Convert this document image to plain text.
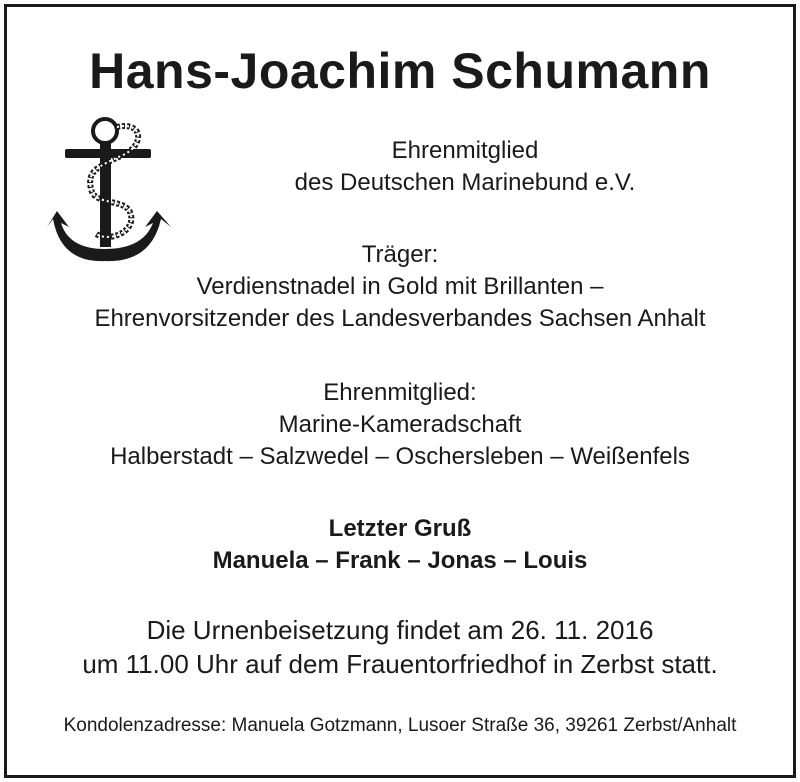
Hans-Joachim Schumann
Ehrenmitglied
des Deutschen Marinebund e.V.
Träger:
Verdienstnadel in Gold mit Brillanten –
Ehrenvorsitzender des Landesverbandes Sachsen Anhalt
Ehrenmitglied:
Marine-Kameradschaft
Halberstadt – Salzwedel – Oschersleben – Weißenfels
Letzter Gruß
Manuela – Frank – Jonas – Louis
Die Urnenbeisetzung findet am 26. 11. 2016
um 11.00 Uhr auf dem Frauentorfriedhof in Zerbst statt.
Kondolenzadresse: Manuela Gotzmann, Lusoer Straße 36, 39261 Zerbst/Anhalt
